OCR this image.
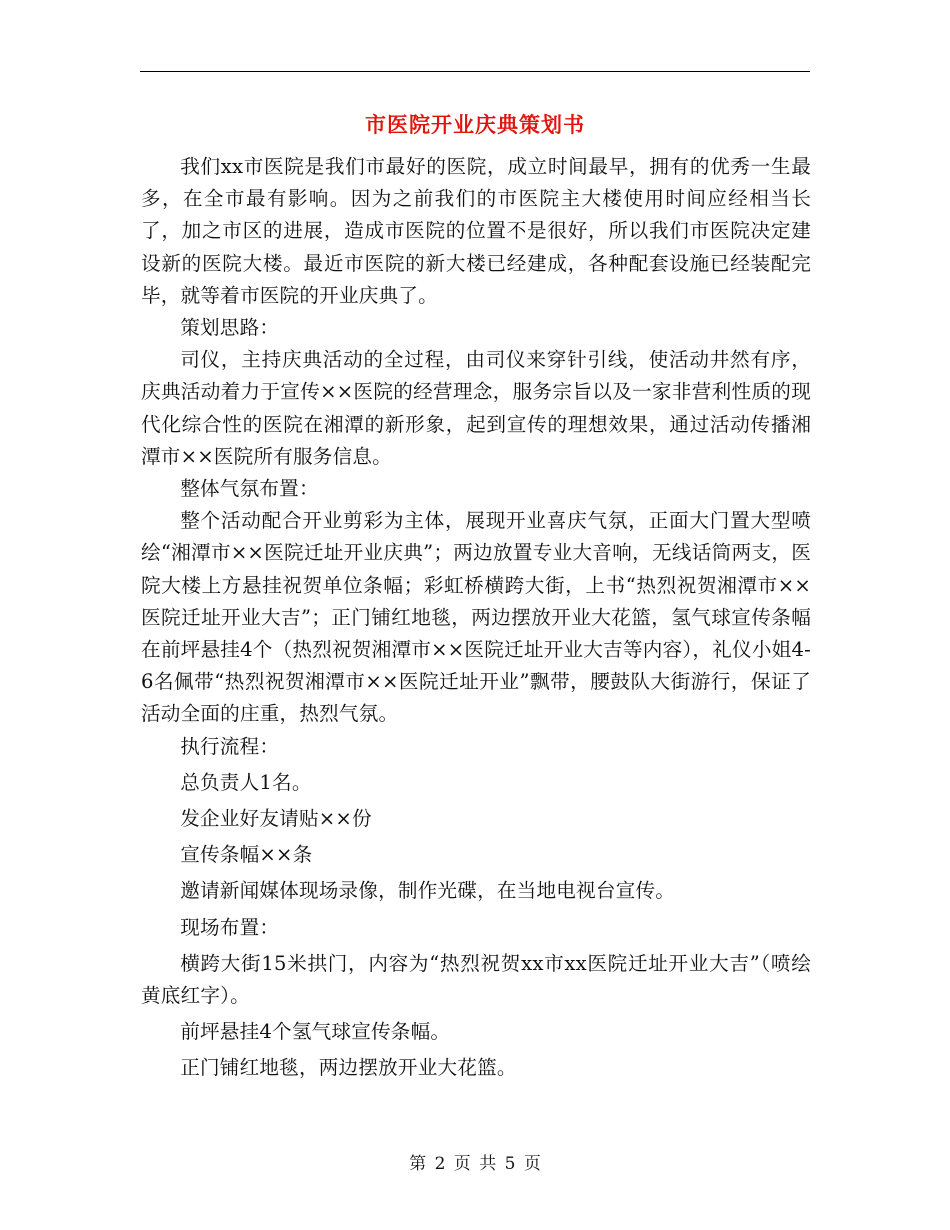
市医院开业庆典策划书

我们xx市医院是我们市最好的医院，成立时间最早，拥有的优秀一生最多，在全市最有影响。因为之前我们的市医院主大楼使用时间应经相当长了，加之市区的进展，造成市医院的位置不是很好，所以我们市医院决定建设新的医院大楼。最近市医院的新大楼已经建成，各种配套设施已经装配完毕，就等着市医院的开业庆典了。

策划思路：

司仪，主持庆典活动的全过程，由司仪来穿针引线，使活动井然有序，庆典活动着力于宣传××医院的经营理念，服务宗旨以及一家非营利性质的现代化综合性的医院在湘潭的新形象，起到宣传的理想效果，通过活动传播湘潭市××医院所有服务信息。

整体气氛布置：

整个活动配合开业剪彩为主体，展现开业喜庆气氛，正面大门置大型喷绘“湘潭市××医院迁址开业庆典”；两边放置专业大音响，无线话筒两支，医院大楼上方悬挂祝贺单位条幅；彩虹桥横跨大街，上书“热烈祝贺湘潭市××医院迁址开业大吉”；正门铺红地毯，两边摆放开业大花篮，氢气球宣传条幅在前坪悬挂4个（热烈祝贺湘潭市××医院迁址开业大吉等内容），礼仪小姐4-6名佩带“热烈祝贺湘潭市××医院迁址开业”飘带，腰鼓队大街游行，保证了活动全面的庄重，热烈气氛。

执行流程：

总负责人1名。

发企业好友请贴××份

宣传条幅××条

邀请新闻媒体现场录像，制作光碟，在当地电视台宣传。

现场布置：

横跨大街15米拱门，内容为“热烈祝贺xx市xx医院迁址开业大吉”（喷绘黄底红字）。

前坪悬挂4个氢气球宣传条幅。

正门铺红地毯，两边摆放开业大花篮。

第 2 页 共 5 页
